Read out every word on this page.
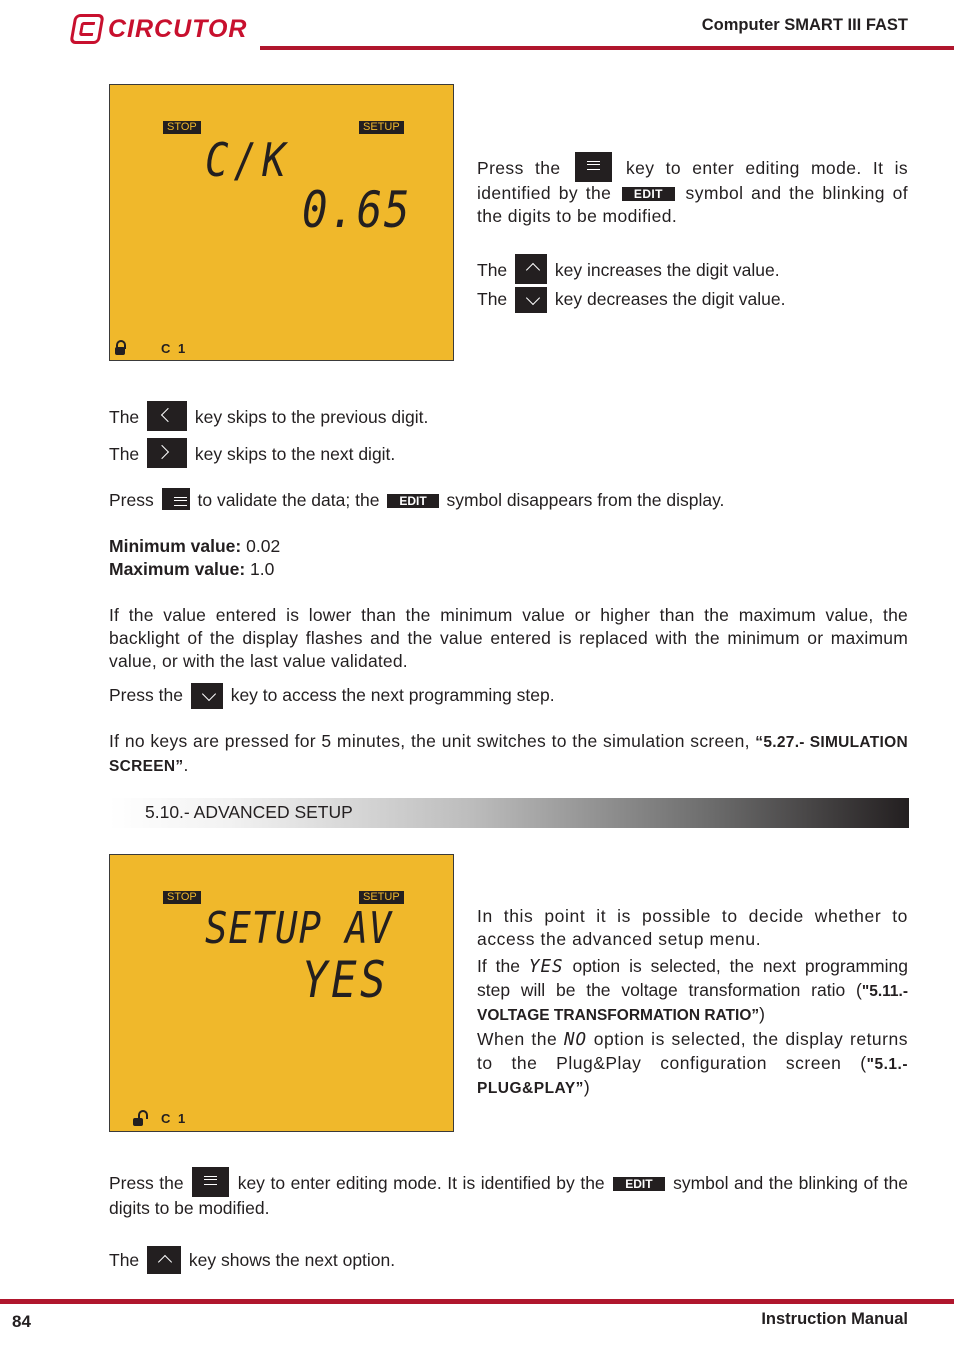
CIRCUTOR	Computer SMART III FAST
STOP	SETUP
C/K
0.65
C 1
Press the	key to enter editing mode. It is identified by the EDIT symbol and the blinking of the digits to be modified.
The	key increases the digit value.
The	key decreases the digit value.
The	key skips to the previous digit.
The	key skips to the next digit.
Press	to validate the data; the EDIT symbol disappears from the display.
Minimum value: 0.02
Maximum value: 1.0
If the value entered is lower than the minimum value or higher than the maximum value, the backlight of the display flashes and the value entered is replaced with the minimum or maximum value, or with the last value validated.
Press the	key to access the next programming step.
If no keys are pressed for 5 minutes, the unit switches to the simulation screen, “5.27.- SIMULATION SCREEN”.
5.10.- ADVANCED SETUP
STOP	SETUP
SETUP AV
YES
C 1
In this point it is possible to decide whether to access the advanced setup menu.
If the YES option is selected, the next programming step will be the voltage transformation ratio ("5.11.- VOLTAGE TRANSFORMATION RATIO”)
When the NO option is selected, the display returns to the Plug&Play configuration screen ("5.1.- PLUG&PLAY”)
Press the	key to enter editing mode. It is identified by the EDIT symbol and the blinking of the digits to be modified.
The	key shows the next option.
84	Instruction Manual
